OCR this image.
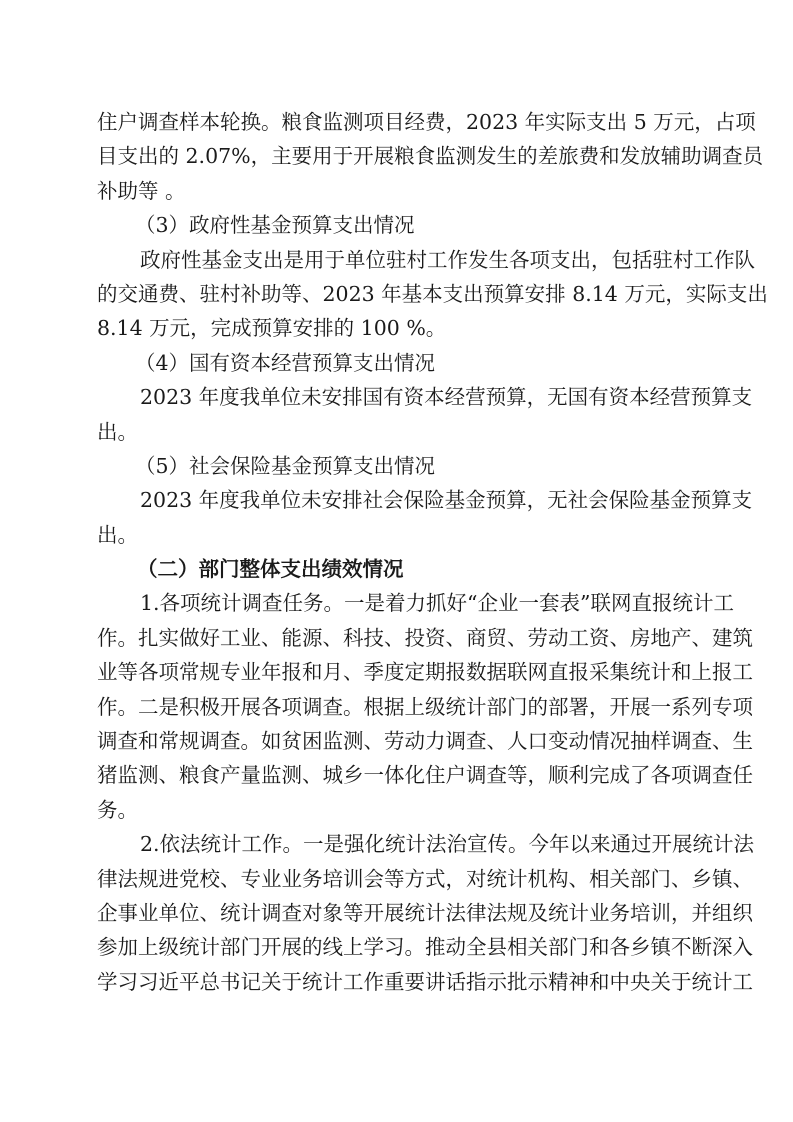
住户调查样本轮换。粮食监测项目经费，2023 年实际支出 5 万元，占项
目支出的 2.07%，主要用于开展粮食监测发生的差旅费和发放辅助调查员
补助等 。
（3）政府性基金预算支出情况
政府性基金支出是用于单位驻村工作发生各项支出，包括驻村工作队
的交通费、驻村补助等、2023 年基本支出预算安排 8.14 万元，实际支出
8.14 万元，完成预算安排的 100 %。
（4）国有资本经营预算支出情况
2023 年度我单位未安排国有资本经营预算，无国有资本经营预算支
出。
（5）社会保险基金预算支出情况
2023 年度我单位未安排社会保险基金预算，无社会保险基金预算支
出。
（二）部门整体支出绩效情况
1.各项统计调查任务。一是着力抓好“企业一套表”联网直报统计工
作。扎实做好工业、能源、科技、投资、商贸、劳动工资、房地产、建筑
业等各项常规专业年报和月、季度定期报数据联网直报采集统计和上报工
作。二是积极开展各项调查。根据上级统计部门的部署，开展一系列专项
调查和常规调查。如贫困监测、劳动力调查、人口变动情况抽样调查、生
猪监测、粮食产量监测、城乡一体化住户调查等，顺利完成了各项调查任
务。
2.依法统计工作。一是强化统计法治宣传。今年以来通过开展统计法
律法规进党校、专业业务培训会等方式，对统计机构、相关部门、乡镇、
企事业单位、统计调查对象等开展统计法律法规及统计业务培训，并组织
参加上级统计部门开展的线上学习。推动全县相关部门和各乡镇不断深入
学习习近平总书记关于统计工作重要讲话指示批示精神和中央关于统计工
